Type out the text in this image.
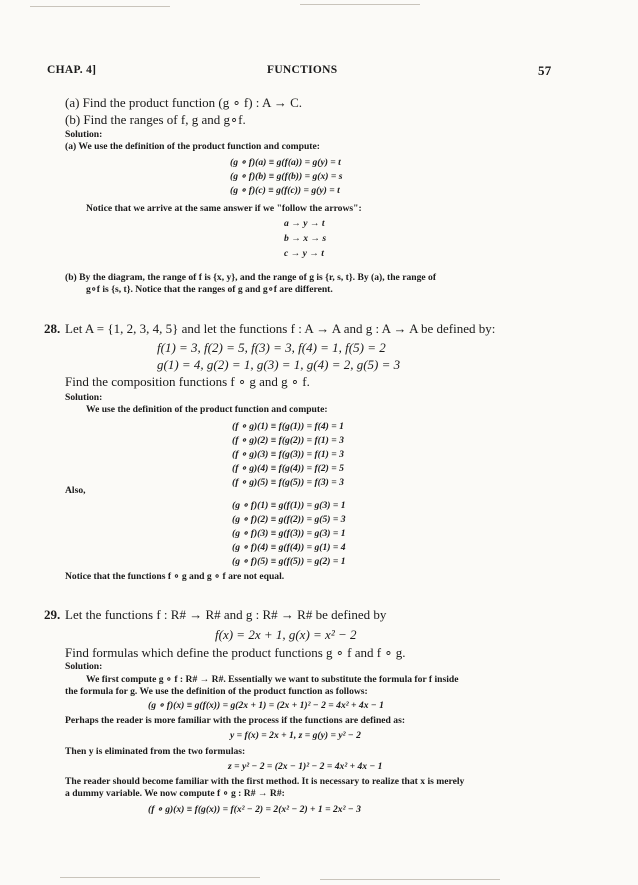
CHAP. 4]	FUNCTIONS	57
(a) Find the product function (g ∘ f) : A → C.
(b) Find the ranges of f, g and g∘f.
Solution:
(a) We use the definition of the product function and compute:
(g ∘ f)(a) ≡ g(f(a)) = g(y) = t
(g ∘ f)(b) ≡ g(f(b)) = g(x) = s
(g ∘ f)(c) ≡ g(f(c)) = g(y) = t
Notice that we arrive at the same answer if we "follow the arrows":
a → y → t
b → x → s
c → y → t
(b) By the diagram, the range of f is {x, y}, and the range of g is {r, s, t}. By (a), the range of
g∘f is {s, t}. Notice that the ranges of g and g∘f are different.
28. Let A = {1, 2, 3, 4, 5} and let the functions f : A → A and g : A → A be defined by:
f(1) = 3, f(2) = 5, f(3) = 3, f(4) = 1, f(5) = 2
g(1) = 4, g(2) = 1, g(3) = 1, g(4) = 2, g(5) = 3
Find the composition functions f ∘ g and g ∘ f.
Solution:
We use the definition of the product function and compute:
(f ∘ g)(1) ≡ f(g(1)) = f(4) = 1
(f ∘ g)(2) ≡ f(g(2)) = f(1) = 3
(f ∘ g)(3) ≡ f(g(3)) = f(1) = 3
(f ∘ g)(4) ≡ f(g(4)) = f(2) = 5
(f ∘ g)(5) ≡ f(g(5)) = f(3) = 3
Also,
(g ∘ f)(1) ≡ g(f(1)) = g(3) = 1
(g ∘ f)(2) ≡ g(f(2)) = g(5) = 3
(g ∘ f)(3) ≡ g(f(3)) = g(3) = 1
(g ∘ f)(4) ≡ g(f(4)) = g(1) = 4
(g ∘ f)(5) ≡ g(f(5)) = g(2) = 1
Notice that the functions f ∘ g and g ∘ f are not equal.
29. Let the functions f : R# → R# and g : R# → R# be defined by
f(x) = 2x + 1, g(x) = x² − 2
Find formulas which define the product functions g ∘ f and f ∘ g.
Solution:
We first compute g ∘ f : R# → R#. Essentially we want to substitute the formula for f inside
the formula for g. We use the definition of the product function as follows:
(g ∘ f)(x) ≡ g(f(x)) = g(2x + 1) = (2x + 1)² − 2 = 4x² + 4x − 1
Perhaps the reader is more familiar with the process if the functions are defined as:
y = f(x) = 2x + 1, z = g(y) = y² − 2
Then y is eliminated from the two formulas:
z = y² − 2 = (2x − 1)² − 2 = 4x² + 4x − 1
The reader should become familiar with the first method. It is necessary to realize that x is merely
a dummy variable. We now compute f ∘ g : R# → R#:
(f ∘ g)(x) ≡ f(g(x)) = f(x² − 2) = 2(x² − 2) + 1 = 2x² − 3
